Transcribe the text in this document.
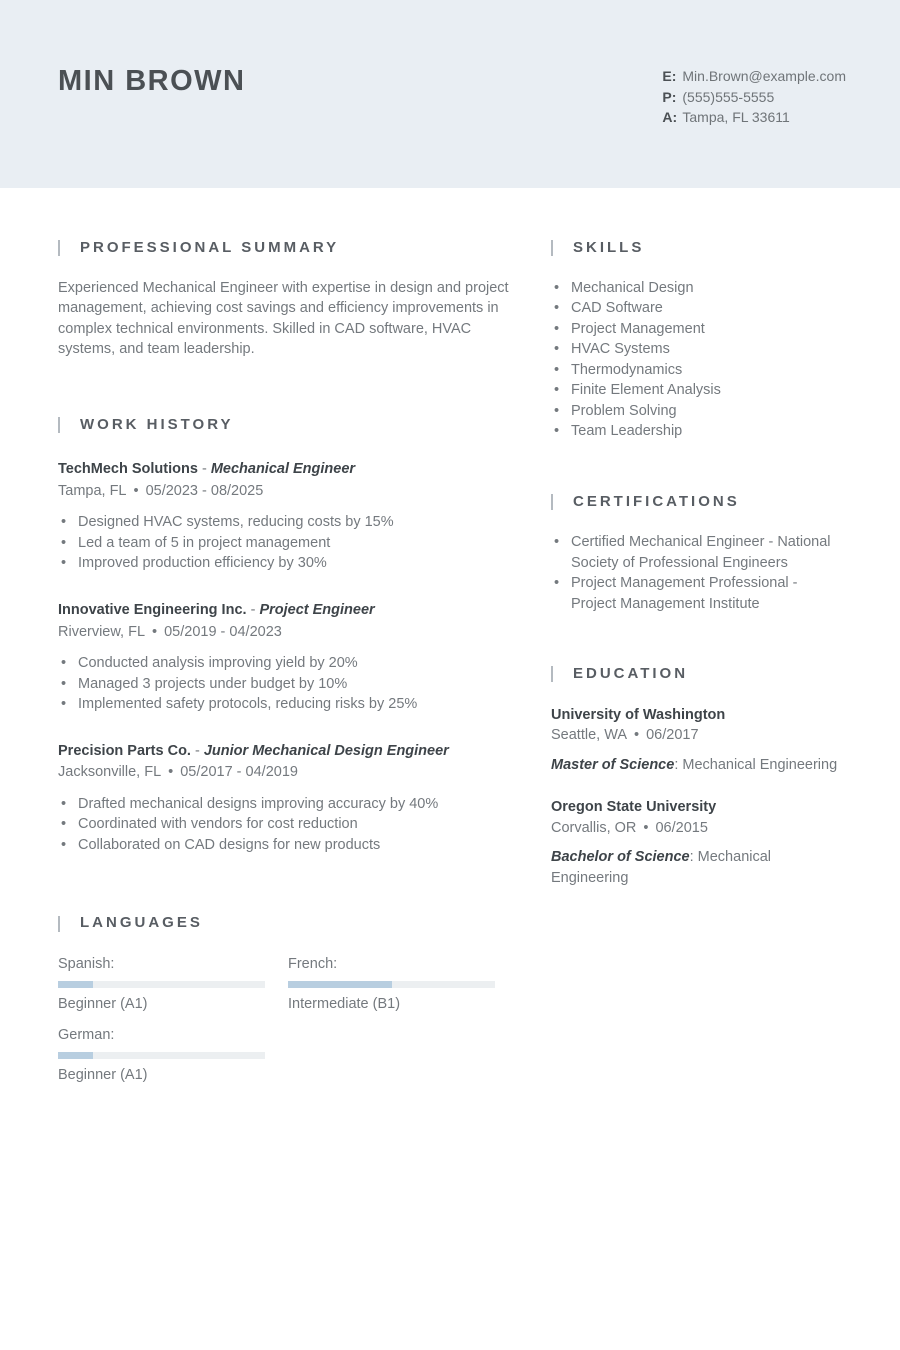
MIN BROWN	E: Min.Brown@example.com
P: (555)555-5555
A: Tampa, FL 33611
PROFESSIONAL SUMMARY

Experienced Mechanical Engineer with expertise in design and project management, achieving cost savings and efficiency improvements in complex technical environments. Skilled in CAD software, HVAC systems, and team leadership.

WORK HISTORY
TechMech Solutions - Mechanical Engineer
Tampa, FL • 05/2023 - 08/2025
• Designed HVAC systems, reducing costs by 15%
• Led a team of 5 in project management
• Improved production efficiency by 30%
Innovative Engineering Inc. - Project Engineer
Riverview, FL • 05/2019 - 04/2023
• Conducted analysis improving yield by 20%
• Managed 3 projects under budget by 10%
• Implemented safety protocols, reducing risks by 25%
Precision Parts Co. - Junior Mechanical Design Engineer
Jacksonville, FL • 05/2017 - 04/2019
• Drafted mechanical designs improving accuracy by 40%
• Coordinated with vendors for cost reduction
• Collaborated on CAD designs for new products
LANGUAGES
Spanish:
Beginner (A1)
French:
Intermediate (B1)
German:
Beginner (A1)
SKILLS
• Mechanical Design
• CAD Software
• Project Management
• HVAC Systems
• Thermodynamics
• Finite Element Analysis
• Problem Solving
• Team Leadership
CERTIFICATIONS
• Certified Mechanical Engineer - National Society of Professional Engineers
• Project Management Professional - Project Management Institute
EDUCATION
University of Washington
Seattle, WA • 06/2017
Master of Science: Mechanical Engineering
Oregon State University
Corvallis, OR • 06/2015
Bachelor of Science: Mechanical Engineering
